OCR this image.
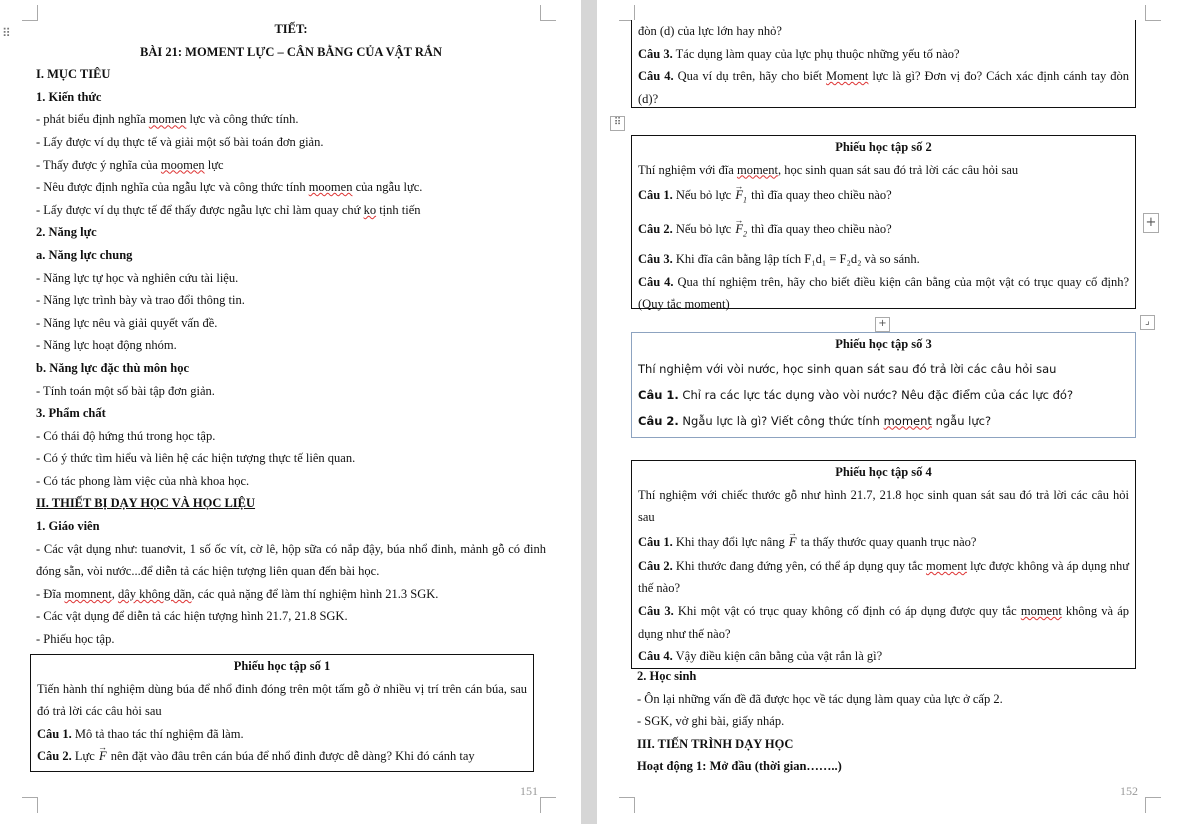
⠿	TIẾT:
BÀI 21: MOMENT LỰC – CÂN BẰNG CỦA VẬT RẮN
I. MỤC TIÊU
1. Kiến thức
- phát biểu định nghĩa momen lực và công thức tính.
- Lấy được ví dụ thực tế và giải một số bài toán đơn giản.
- Thấy được ý nghĩa của moomen lực
- Nêu được định nghĩa của ngẫu lực và công thức tính moomen của ngẫu lực.
- Lấy được ví dụ thực tế để thấy được ngẫu lực chỉ làm quay chứ ko tịnh tiến
2. Năng lực
a. Năng lực chung
- Năng lực tự học và nghiên cứu tài liệu.
- Năng lực trình bày và trao đổi thông tin.
- Năng lực nêu và giải quyết vấn đề.
- Năng lực hoạt động nhóm.
b. Năng lực đặc thù môn học
- Tính toán một số bài tập đơn giản.
3. Phẩm chất
- Có thái độ hứng thú trong học tập.
- Có ý thức tìm hiểu và liên hệ các hiện tượng thực tế liên quan.
- Có tác phong làm việc của nhà khoa học.
II. THIẾT BỊ DẠY HỌC VÀ HỌC LIỆU
1. Giáo viên
- Các vật dụng như: tuanơvit, 1 số ốc vít, cờ lê, hộp sữa có nắp đậy, búa nhổ đinh, mảnh gỗ có đinh đóng sẵn, vòi nước...để diễn tả các hiện tượng liên quan đến bài học.
- Đĩa momnent, dây không dãn, các quả nặng để làm thí nghiệm hình 21.3 SGK.
- Các vật dụng để diễn tả các hiện tượng hình 21.7, 21.8 SGK.
- Phiếu học tập.
Phiếu học tập số 1
Tiến hành thí nghiệm dùng búa để nhổ đinh đóng trên một tấm gỗ ở nhiều vị trí trên cán búa, sau đó trả lời các câu hỏi sau
Câu 1. Mô tả thao tác thí nghiệm đã làm.
Câu 2. Lực → F nên đặt vào đâu trên cán búa để nhổ đinh được dễ dàng? Khi đó cánh tay
151
đòn (d) của lực lớn hay nhỏ?
Câu 3. Tác dụng làm quay của lực phụ thuộc những yếu tố nào?
Câu 4. Qua ví dụ trên, hãy cho biết Moment lực là gì? Đơn vị đo? Cách xác định cánh tay đòn (d)?
⠿
Phiếu học tập số 2
Thí nghiệm với đĩa moment, học sinh quan sát sau đó trả lời các câu hỏi sau
Câu 1. Nếu bỏ lực → $F_1$ thì đĩa quay theo chiều nào?
Câu 2. Nếu bỏ lực → $F_2$ thì đĩa quay theo chiều nào?
Câu 3. Khi đĩa cân bằng lập tích F₁d₁ = F₂d₂ và so sánh.
Câu 4. Qua thí nghiệm trên, hãy cho biết điều kiện cân bằng của một vật có trục quay cố định? (Quy tắc moment)
+
+	⌟
Phiếu học tập số 3
Thí nghiệm với vòi nước, học sinh quan sát sau đó trả lời các câu hỏi sau
Câu 1. Chỉ ra các lực tác dụng vào vòi nước? Nêu đặc điểm của các lực đó?
Câu 2. Ngẫu lực là gì? Viết công thức tính moment ngẫu lực?
Phiếu học tập số 4
Thí nghiệm với chiếc thước gỗ như hình 21.7, 21.8 học sinh quan sát sau đó trả lời các câu hỏi sau
Câu 1. Khi thay đổi lực nâng → F ta thấy thước quay quanh trục nào?
Câu 2. Khi thước đang đứng yên, có thể áp dụng quy tắc moment lực được không và áp dụng như thế nào?
Câu 3. Khi một vật có trục quay không cố định có áp dụng được quy tắc moment không và áp dụng như thế nào?
Câu 4. Vậy điều kiện cân bằng của vật rắn là gì?
2. Học sinh
- Ôn lại những vấn đề đã được học về tác dụng làm quay của lực ở cấp 2.
- SGK, vở ghi bài, giấy nháp.
III. TIẾN TRÌNH DẠY HỌC
Hoạt động 1: Mở đầu (thời gian……..)
152
